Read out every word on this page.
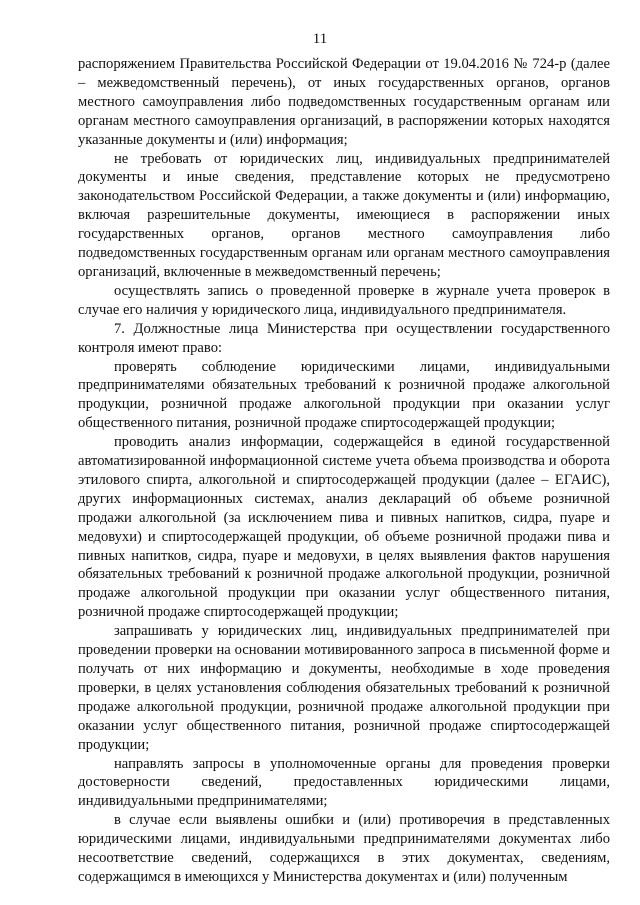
11

распоряжением Правительства Российской Федерации от 19.04.2016 № 724-р (далее – межведомственный перечень), от иных государственных органов, органов местного самоуправления либо подведомственных государственным органам или органам местного самоуправления организаций, в распоряжении которых находятся указанные документы и (или) информация;

не требовать от юридических лиц, индивидуальных предпринимателей документы и иные сведения, представление которых не предусмотрено законодательством Российской Федерации, а также документы и (или) информацию, включая разрешительные документы, имеющиеся в распоряжении иных государственных органов, органов местного самоуправления либо подведомственных государственным органам или органам местного самоуправления организаций, включенные в межведомственный перечень;

осуществлять запись о проведенной проверке в журнале учета проверок в случае его наличия у юридического лица, индивидуального предпринимателя.

7. Должностные лица Министерства при осуществлении государственного контроля имеют право:

проверять соблюдение юридическими лицами, индивидуальными предпринимателями обязательных требований к розничной продаже алкогольной продукции, розничной продаже алкогольной продукции при оказании услуг общественного питания, розничной продаже спиртосодержащей продукции;

проводить анализ информации, содержащейся в единой государственной автоматизированной информационной системе учета объема производства и оборота этилового спирта, алкогольной и спиртосодержащей продукции (далее – ЕГАИС), других информационных системах, анализ деклараций об объеме розничной продажи алкогольной (за исключением пива и пивных напитков, сидра, пуаре и медовухи) и спиртосодержащей продукции, об объеме розничной продажи пива и пивных напитков, сидра, пуаре и медовухи, в целях выявления фактов нарушения обязательных требований к розничной продаже алкогольной продукции, розничной продаже алкогольной продукции при оказании услуг общественного питания, розничной продаже спиртосодержащей продукции;

запрашивать у юридических лиц, индивидуальных предпринимателей при проведении проверки на основании мотивированного запроса в письменной форме и получать от них информацию и документы, необходимые в ходе проведения проверки, в целях установления соблюдения обязательных требований к розничной продаже алкогольной продукции, розничной продаже алкогольной продукции при оказании услуг общественного питания, розничной продаже спиртосодержащей продукции;

направлять запросы в уполномоченные органы для проведения проверки достоверности сведений, предоставленных юридическими лицами, индивидуальными предпринимателями;

в случае если выявлены ошибки и (или) противоречия в представленных юридическими лицами, индивидуальными предпринимателями документах либо несоответствие сведений, содержащихся в этих документах, сведениям, содержащимся в имеющихся у Министерства документах и (или) полученным
